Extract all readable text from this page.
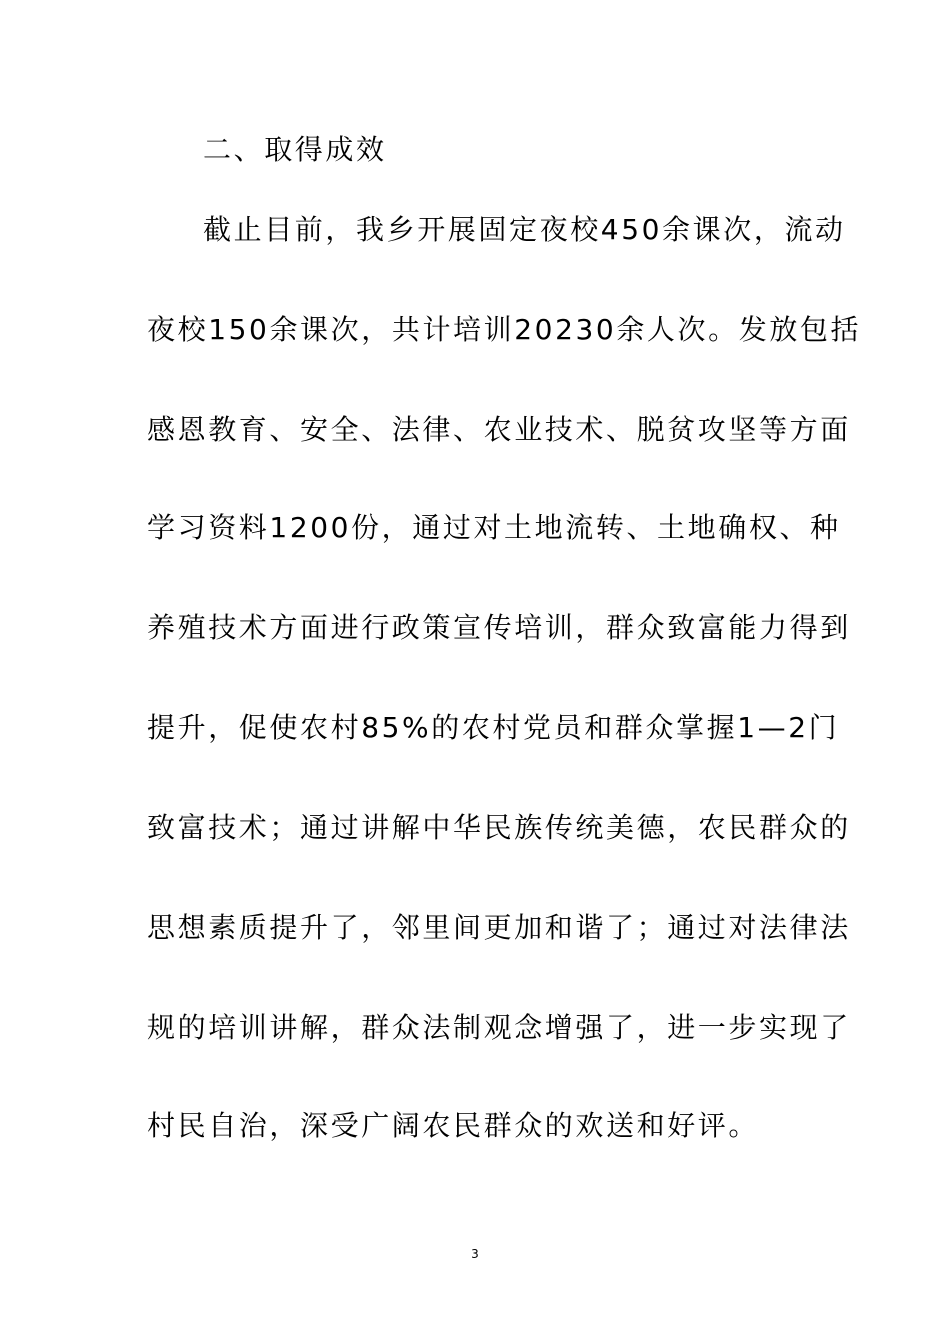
二、取得成效
截止目前，我乡开展固定夜校450余课次，流动
夜校150余课次，共计培训20230余人次。发放包括
感恩教育、安全、法律、农业技术、脱贫攻坚等方面
学习资料1200份，通过对土地流转、土地确权、种
养殖技术方面进行政策宣传培训，群众致富能力得到
提升，促使农村85%的农村党员和群众掌握1—2门
致富技术；通过讲解中华民族传统美德，农民群众的
思想素质提升了，邻里间更加和谐了；通过对法律法
规的培训讲解，群众法制观念增强了，进一步实现了
村民自治，深受广阔农民群众的欢送和好评。
3
